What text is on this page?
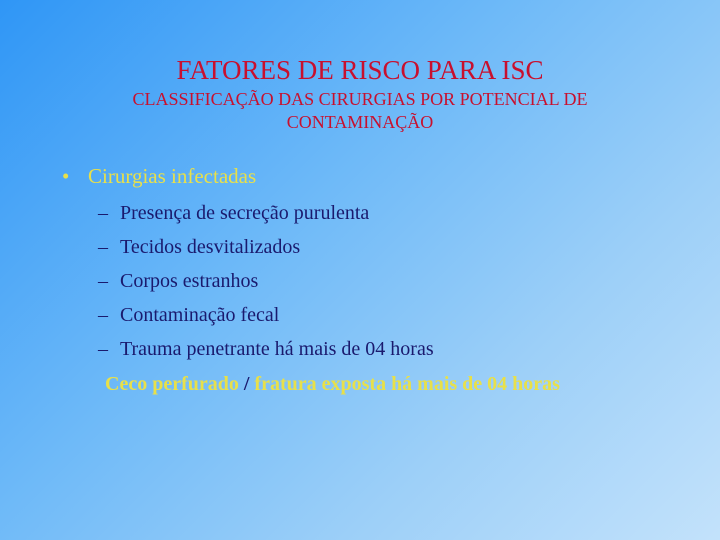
FATORES DE RISCO PARA ISC

CLASSIFICAÇÃO DAS CIRURGIAS POR POTENCIAL DE CONTAMINAÇÃO

• Cirurgias infectadas
– Presença de secreção purulenta
– Tecidos desvitalizados
– Corpos estranhos
– Contaminação fecal
– Trauma penetrante há mais de 04 horas
Ceco perfurado / fratura exposta há mais de 04 horas
